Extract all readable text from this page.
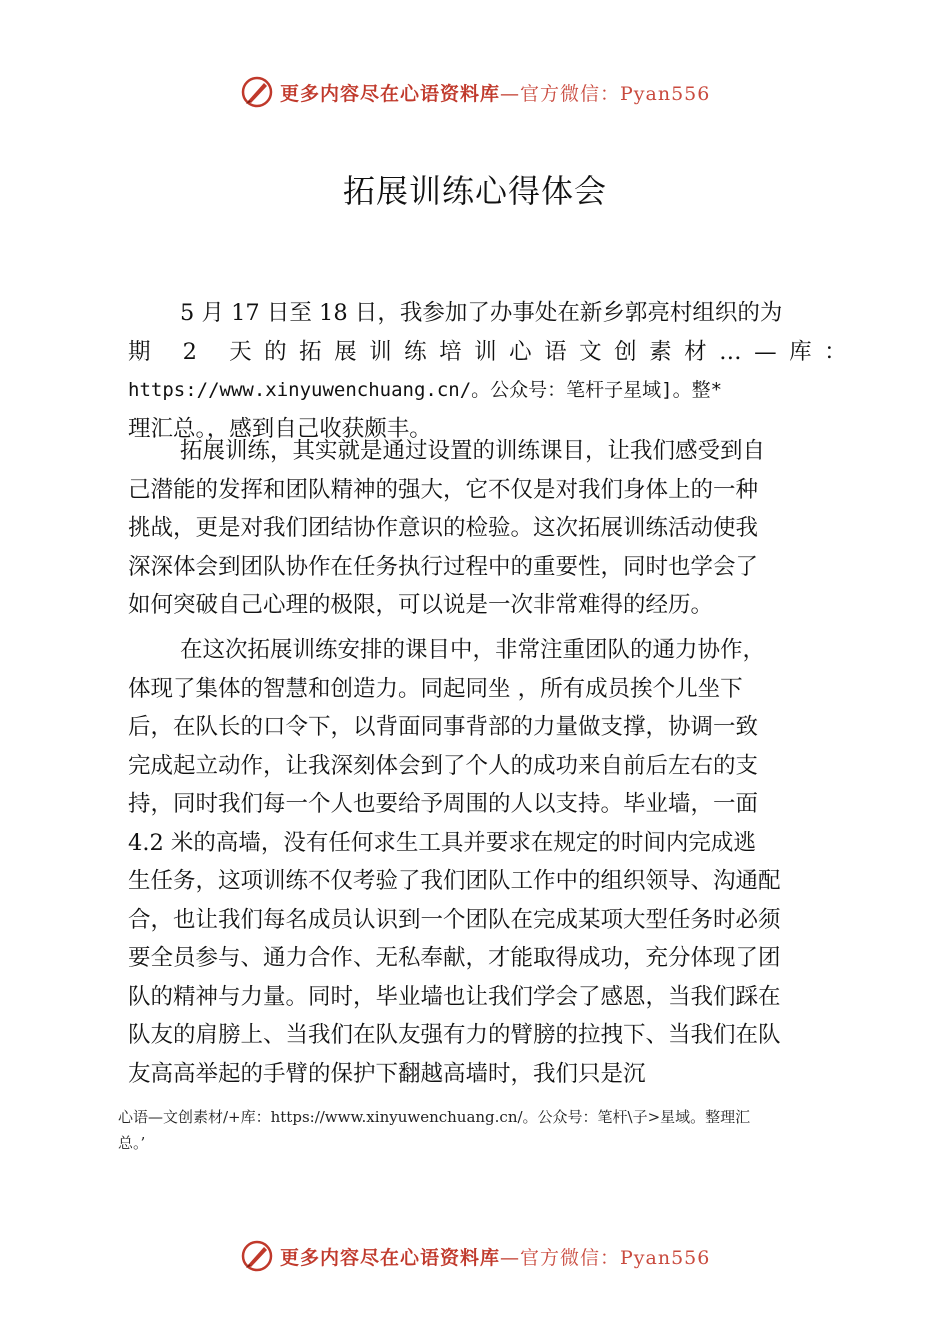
更多内容尽在心语资料库—官方微信：Pyan556
拓展训练心得体会
5 月 17 日至 18 日，我参加了办事处在新乡郭亮村组织的为
期 2 天的拓展训练培训心语文创素材…—库：
https://www.xinyuwenchuang.cn/。公众号：笔杆子星域]。整*
理汇总。，感到自己收获颇丰。
拓展训练，其实就是通过设置的训练课目，让我们感受到自
己潜能的发挥和团队精神的强大，它不仅是对我们身体上的一种
挑战，更是对我们团结协作意识的检验。这次拓展训练活动使我
深深体会到团队协作在任务执行过程中的重要性，同时也学会了
如何突破自己心理的极限，可以说是一次非常难得的经历。
在这次拓展训练安排的课目中，非常注重团队的通力协作，
体现了集体的智慧和创造力。同起同坐 ，所有成员挨个儿坐下
后，在队长的口令下，以背面同事背部的力量做支撑，协调一致
完成起立动作，让我深刻体会到了个人的成功来自前后左右的支
持，同时我们每一个人也要给予周围的人以支持。毕业墙，一面
4.2 米的高墙，没有任何求生工具并要求在规定的时间内完成逃
生任务，这项训练不仅考验了我们团队工作中的组织领导、沟通配
合，也让我们每名成员认识到一个团队在完成某项大型任务时必须
要全员参与、通力合作、无私奉献，才能取得成功，充分体现了团
队的精神与力量。同时，毕业墙也让我们学会了感恩，当我们踩在
队友的肩膀上、当我们在队友强有力的臂膀的拉拽下、当我们在队
友高高举起的手臂的保护下翻越高墙时，我们只是沉
心语—文创素材/+库：https://www.xinyuwenchuang.cn/。公众号：笔杆\子>星域。整理汇
总。’
更多内容尽在心语资料库—官方微信：Pyan556
